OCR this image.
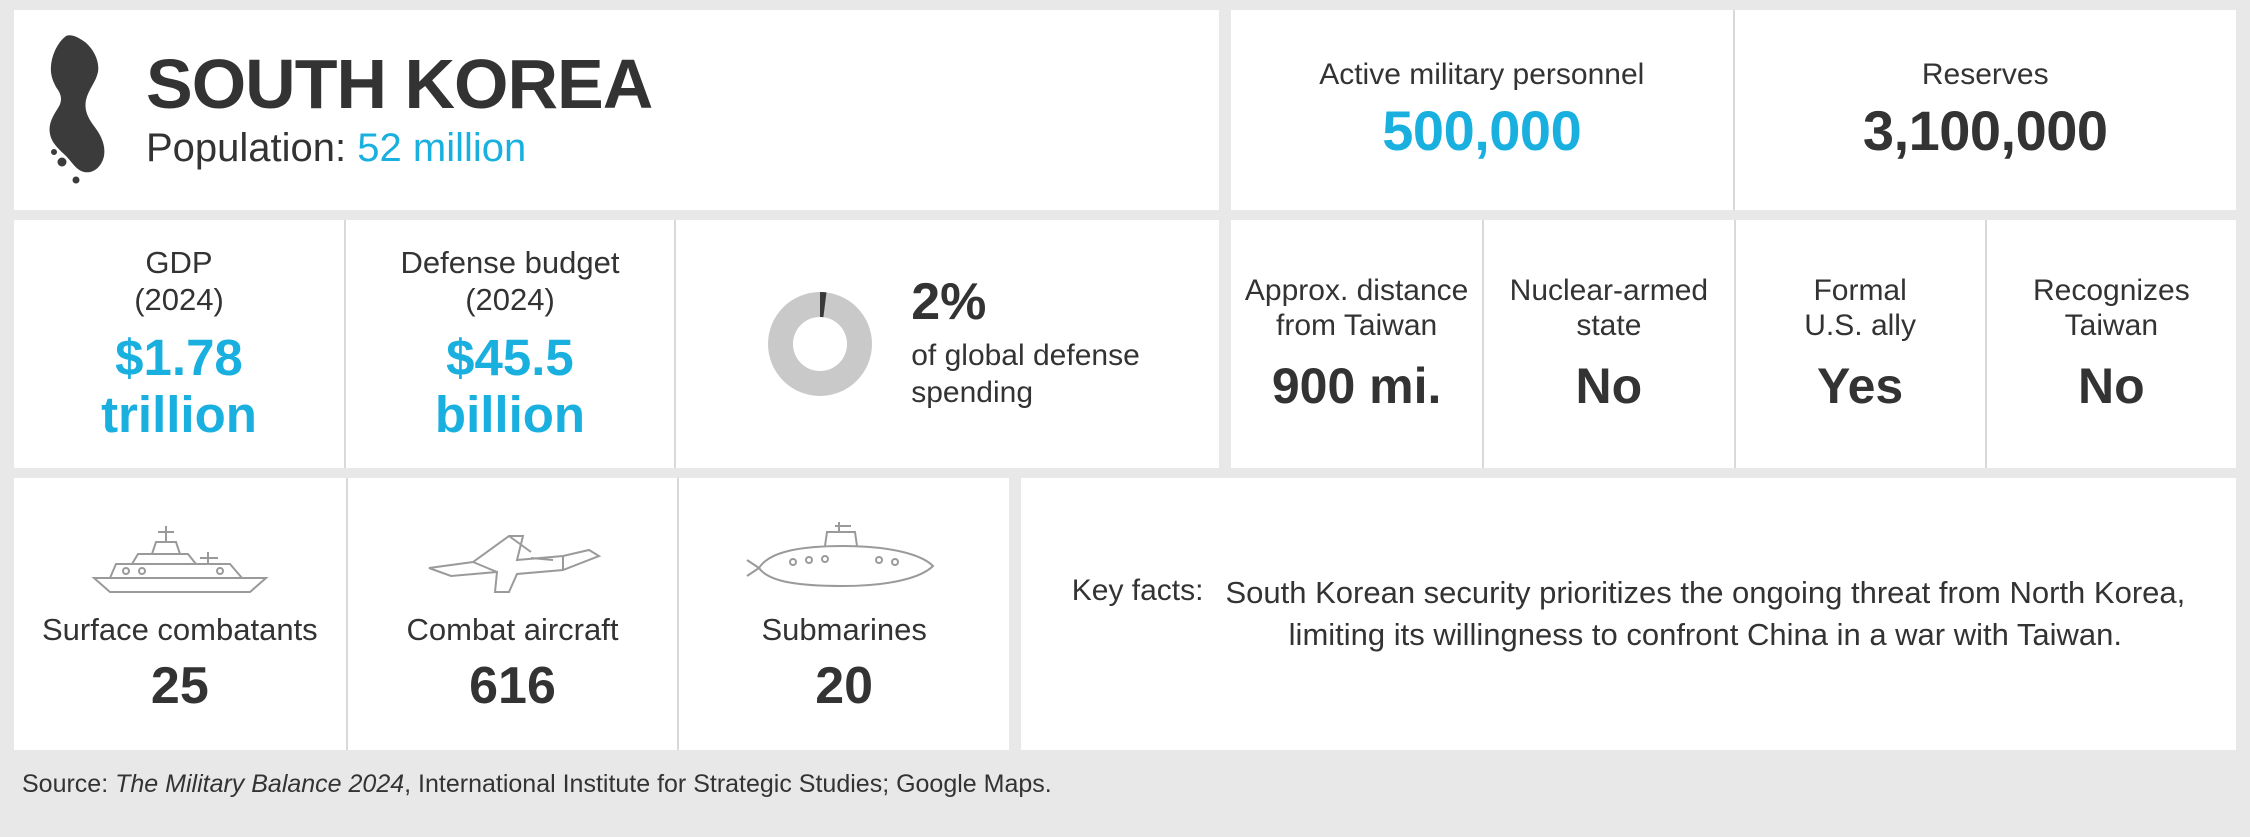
SOUTH KOREA
Population: 52 million
Active military personnel
500,000
Reserves
3,100,000
GDP
(2024)
$1.78
trillion
Defense budget
(2024)
$45.5
billion
2%
of global defense
spending
Approx. distance
from Taiwan
900 mi.
Nuclear-armed
state
No
Formal
U.S. ally
Yes
Recognizes
Taiwan
No
Surface combatants
25
Combat aircraft
616
Submarines
20
Key facts: South Korean security prioritizes the ongoing threat from North Korea,
limiting its willingness to confront China in a war with Taiwan.
Source: The Military Balance 2024, International Institute for Strategic Studies; Google Maps.
